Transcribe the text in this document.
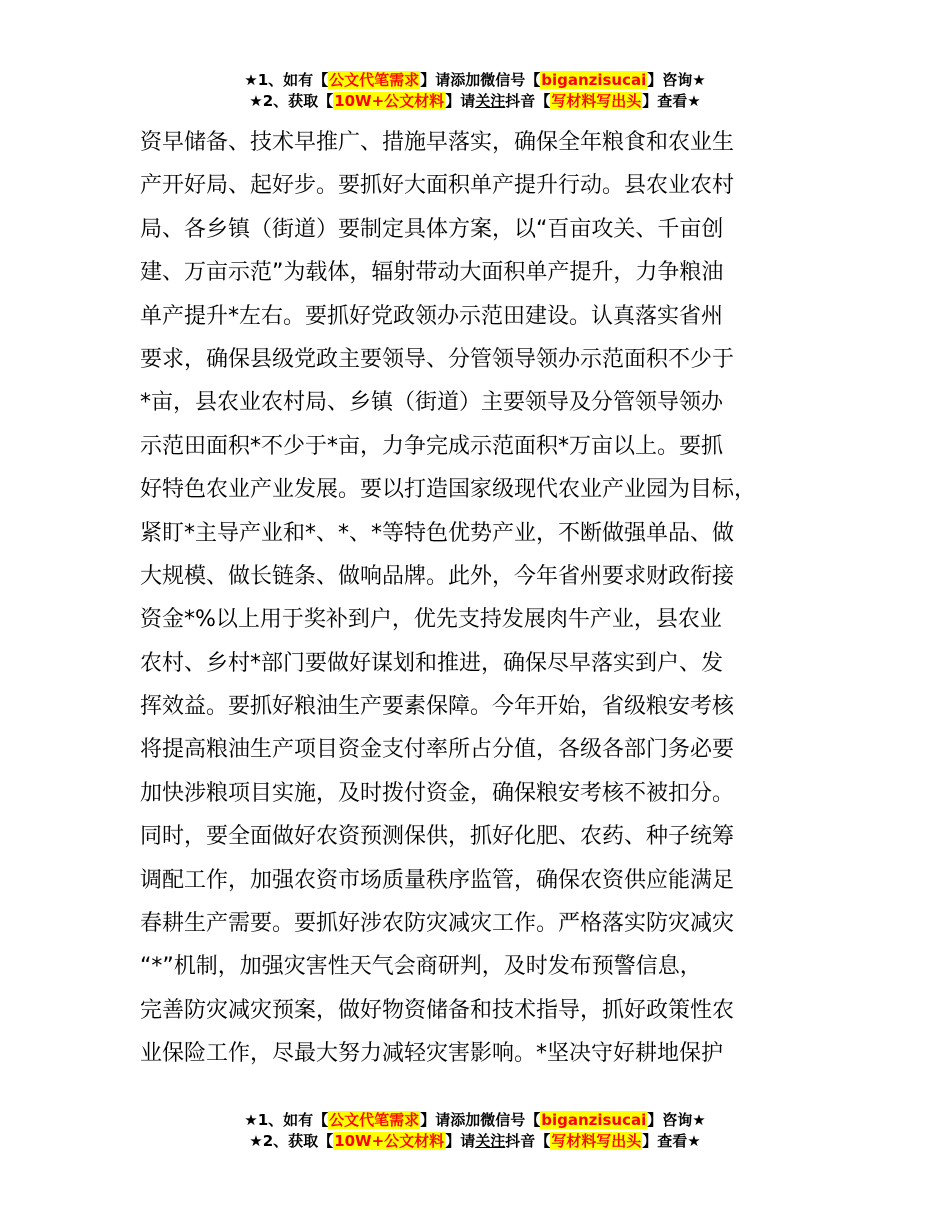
★1、如有【公文代笔需求】请添加微信号【biganzisucai】咨询★
★2、获取【10W+公文材料】请关注抖音【写材料写出头】查看★
资早储备、技术早推广、措施早落实，确保全年粮食和农业生
产开好局、起好步。要抓好大面积单产提升行动。县农业农村
局、各乡镇（街道）要制定具体方案，以“百亩攻关、千亩创
建、万亩示范”为载体，辐射带动大面积单产提升，力争粮油
单产提升*左右。要抓好党政领办示范田建设。认真落实省州
要求，确保县级党政主要领导、分管领导领办示范面积不少于
*亩，县农业农村局、乡镇（街道）主要领导及分管领导领办
示范田面积*不少于*亩，力争完成示范面积*万亩以上。要抓
好特色农业产业发展。要以打造国家级现代农业产业园为目标，
紧盯*主导产业和*、*、*等特色优势产业，不断做强单品、做
大规模、做长链条、做响品牌。此外，今年省州要求财政衔接
资金*%以上用于奖补到户，优先支持发展肉牛产业，县农业
农村、乡村*部门要做好谋划和推进，确保尽早落实到户、发
挥效益。要抓好粮油生产要素保障。今年开始，省级粮安考核
将提高粮油生产项目资金支付率所占分值，各级各部门务必要
加快涉粮项目实施，及时拨付资金，确保粮安考核不被扣分。
同时，要全面做好农资预测保供，抓好化肥、农药、种子统筹
调配工作，加强农资市场质量秩序监管，确保农资供应能满足
春耕生产需要。要抓好涉农防灾减灾工作。严格落实防灾减灾
“*”机制，加强灾害性天气会商研判，及时发布预警信息，
完善防灾减灾预案，做好物资储备和技术指导，抓好政策性农
业保险工作，尽最大努力减轻灾害影响。*坚决守好耕地保护
★1、如有【公文代笔需求】请添加微信号【biganzisucai】咨询★
★2、获取【10W+公文材料】请关注抖音【写材料写出头】查看★
